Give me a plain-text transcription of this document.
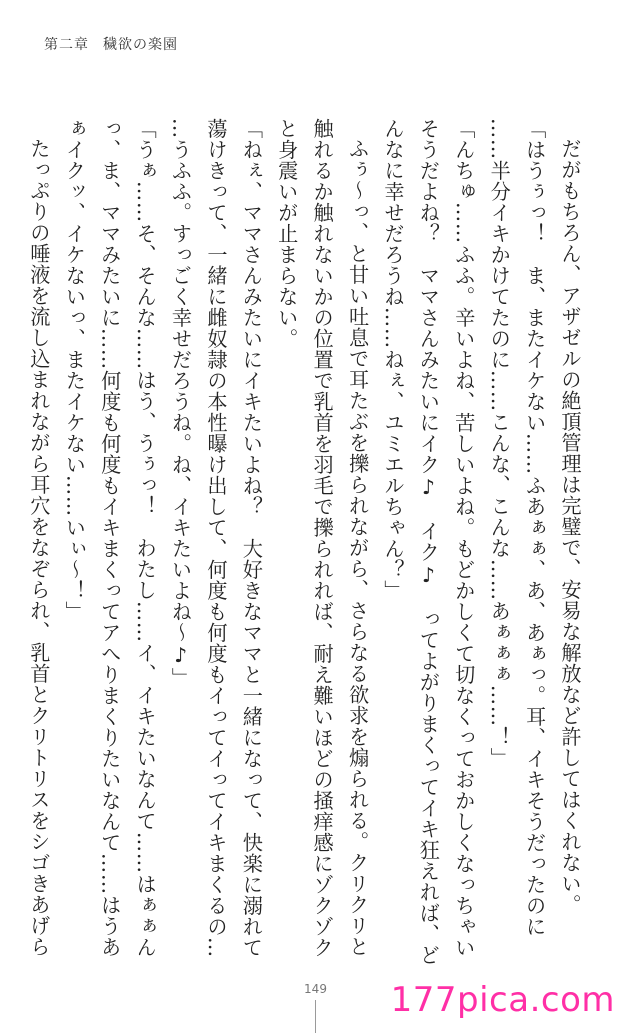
第二章 穢欲の楽園
だがもちろん、アザゼルの絶頂管理は完璧で、安易な解放など許してはくれない。
「はうぅっ！　ま、またイケない……ふあぁぁ、あ、あぁっ。耳、イキそうだったのに
……半分イキかけてたのに……こんな、こんな……あぁぁぁ……！」
「んちゅ……ふふ。辛いよね、苦しいよね。もどかしくて切なくっておかしくなっちゃい
そうだよね？　ママさんみたいにイク♪　イク♪　ってよがりまくってイキ狂えれば、ど
んなに幸せだろうね……ねぇ、ユミエルちゃん？」
ふぅ～っ、と甘い吐息で耳たぶを擽られながら、さらなる欲求を煽られる。クリクリと
触れるか触れないかの位置で乳首を羽毛で擽られれば、耐え難いほどの掻痒感にゾクゾク
と身震いが止まらない。
「ねぇ、ママさんみたいにイキたいよね？　大好きなママと一緒になって、快楽に溺れて
蕩けきって、一緒に雌奴隷の本性曝け出して、何度も何度もイってイってイキまくるの…
…うふふ。すっごく幸せだろうね。ね、イキたいよね～♪」
「うぁ……そ、そんな……はう、うぅっ！　わたし……イ、イキたいなんて……はぁぁん
っ、ま、ママみたいに……何度も何度もイキまくってアへりまくりたいなんて……はうあ
ぁイクッ、イケないっ、またイケない……いぃ～！」
たっぷりの唾液を流し込まれながら耳穴をなぞられ、乳首とクリトリスをシゴきあげら
149	177pica.com
